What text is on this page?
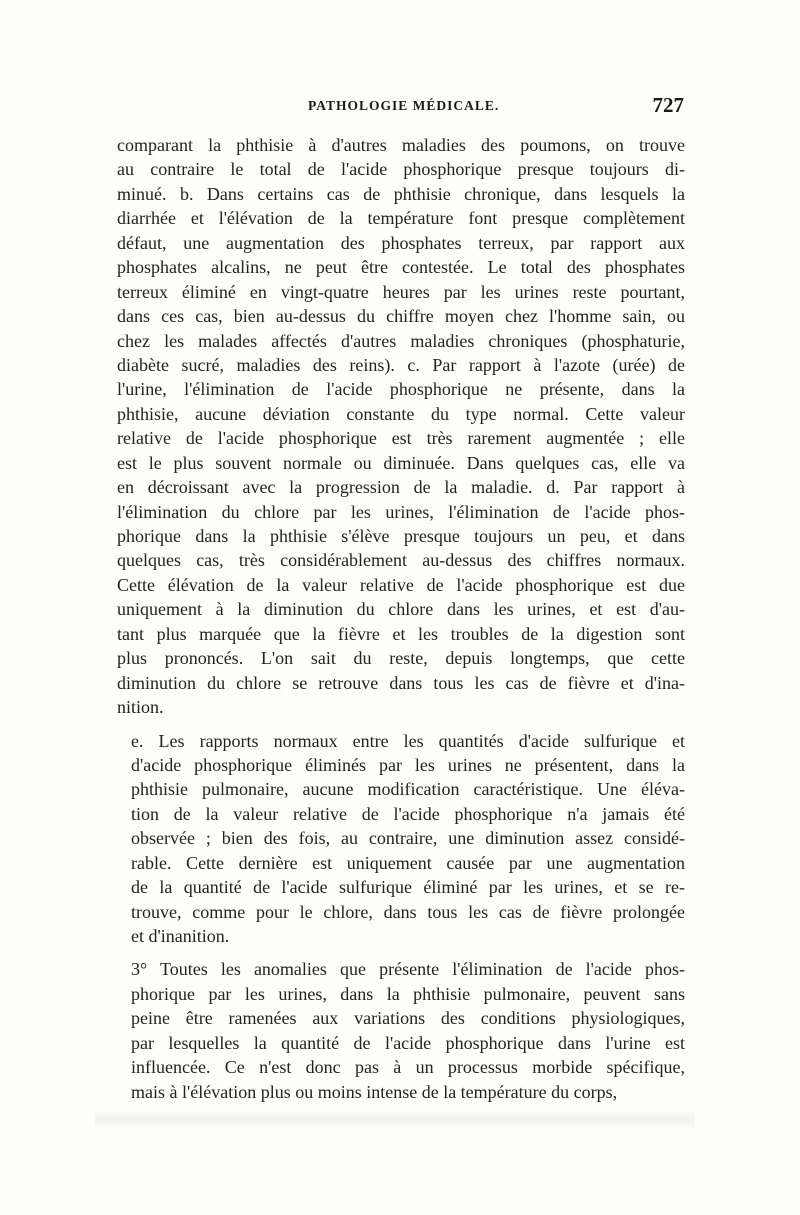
PATHOLOGIE MÉDICALE.	727
comparant la phthisie à d'autres maladies des poumons, on trouve
au contraire le total de l'acide phosphorique presque toujours di-
minué. b. Dans certains cas de phthisie chronique, dans lesquels la
diarrhée et l'élévation de la température font presque complètement
défaut, une augmentation des phosphates terreux, par rapport aux
phosphates alcalins, ne peut être contestée. Le total des phosphates
terreux éliminé en vingt-quatre heures par les urines reste pourtant,
dans ces cas, bien au-dessus du chiffre moyen chez l'homme sain, ou
chez les malades affectés d'autres maladies chroniques (phosphaturie,
diabète sucré, maladies des reins). c. Par rapport à l'azote (urée) de
l'urine, l'élimination de l'acide phosphorique ne présente, dans la
phthisie, aucune déviation constante du type normal. Cette valeur
relative de l'acide phosphorique est très rarement augmentée ; elle
est le plus souvent normale ou diminuée. Dans quelques cas, elle va
en décroissant avec la progression de la maladie. d. Par rapport à
l'élimination du chlore par les urines, l'élimination de l'acide phos-
phorique dans la phthisie s'élève presque toujours un peu, et dans
quelques cas, très considérablement au-dessus des chiffres normaux.
Cette élévation de la valeur relative de l'acide phosphorique est due
uniquement à la diminution du chlore dans les urines, et est d'au-
tant plus marquée que la fièvre et les troubles de la digestion sont
plus prononcés. L'on sait du reste, depuis longtemps, que cette
diminution du chlore se retrouve dans tous les cas de fièvre et d'ina-
nition.
e. Les rapports normaux entre les quantités d'acide sulfurique et
d'acide phosphorique éliminés par les urines ne présentent, dans la
phthisie pulmonaire, aucune modification caractéristique. Une éléva-
tion de la valeur relative de l'acide phosphorique n'a jamais été
observée ; bien des fois, au contraire, une diminution assez considé-
rable. Cette dernière est uniquement causée par une augmentation
de la quantité de l'acide sulfurique éliminé par les urines, et se re-
trouve, comme pour le chlore, dans tous les cas de fièvre prolongée
et d'inanition.
3° Toutes les anomalies que présente l'élimination de l'acide phos-
phorique par les urines, dans la phthisie pulmonaire, peuvent sans
peine être ramenées aux variations des conditions physiologiques,
par lesquelles la quantité de l'acide phosphorique dans l'urine est
influencée. Ce n'est donc pas à un processus morbide spécifique,
mais à l'élévation plus ou moins intense de la température du corps,
